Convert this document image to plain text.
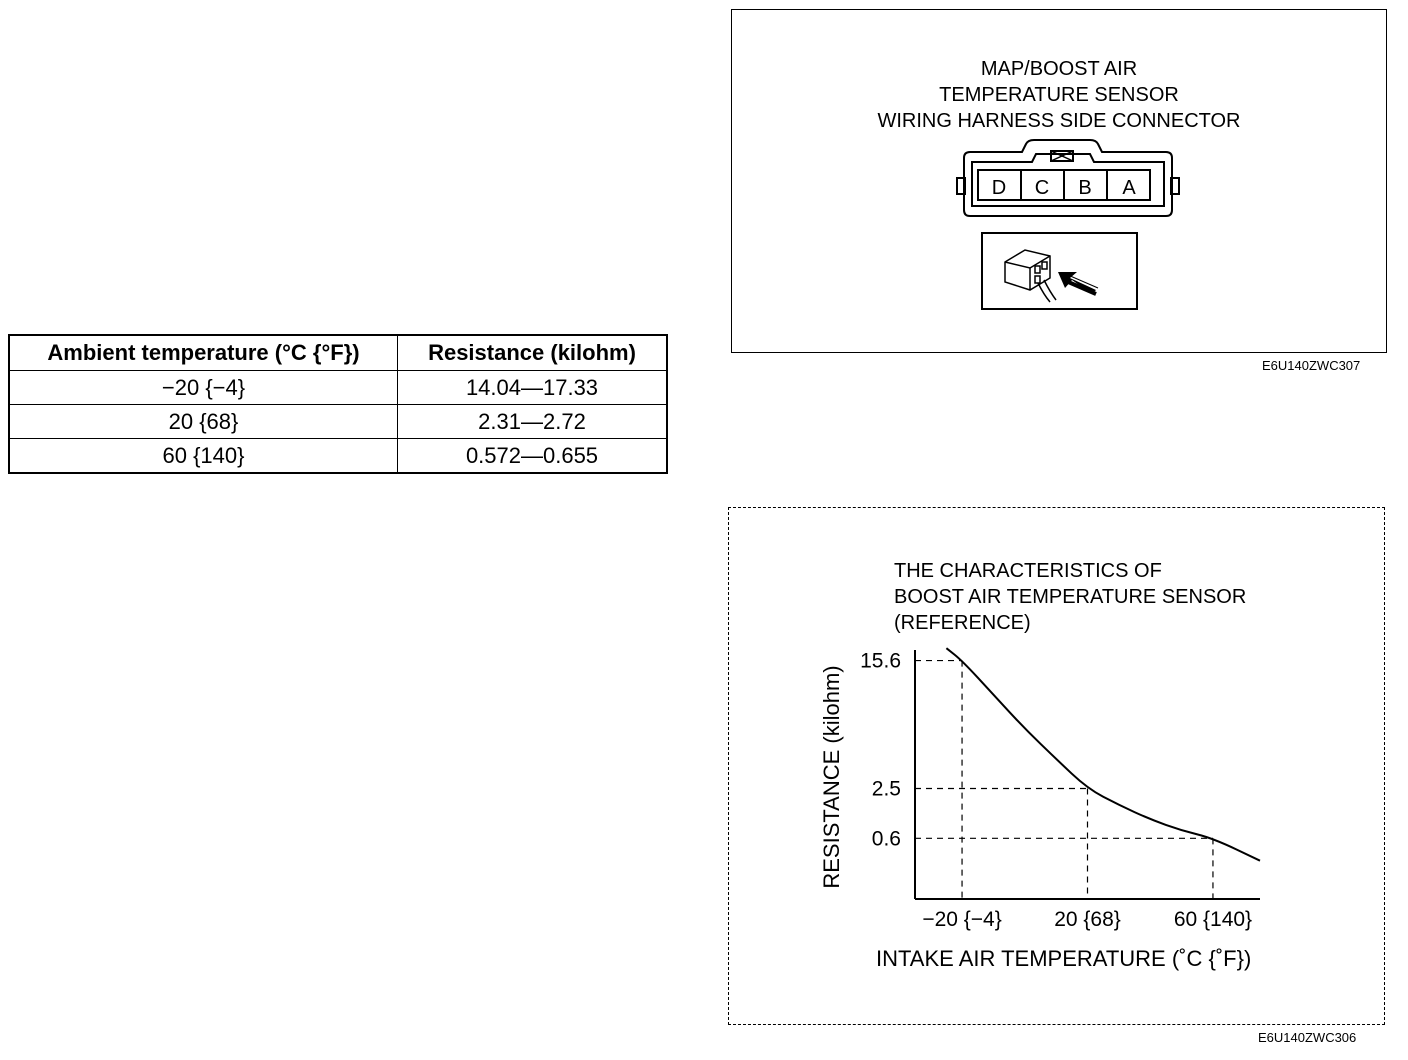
Ambient temperature (°C {°F})	Resistance (kilohm)
−20 {−4}	14.04—17.33
20 {68}	2.31—2.72
60 {140}	0.572—0.655
MAP/BOOST AIR
TEMPERATURE SENSOR
WIRING HARNESS SIDE CONNECTOR
D C B A
E6U140ZWC307
THE CHARACTERISTICS OF
BOOST AIR TEMPERATURE SENSOR
(REFERENCE)
RESISTANCE (kilohm)
INTAKE AIR TEMPERATURE (˚C {˚F})
15.6
2.5
0.6
−20 {−4} 20 {68}	60 {140}
E6U140ZWC306
